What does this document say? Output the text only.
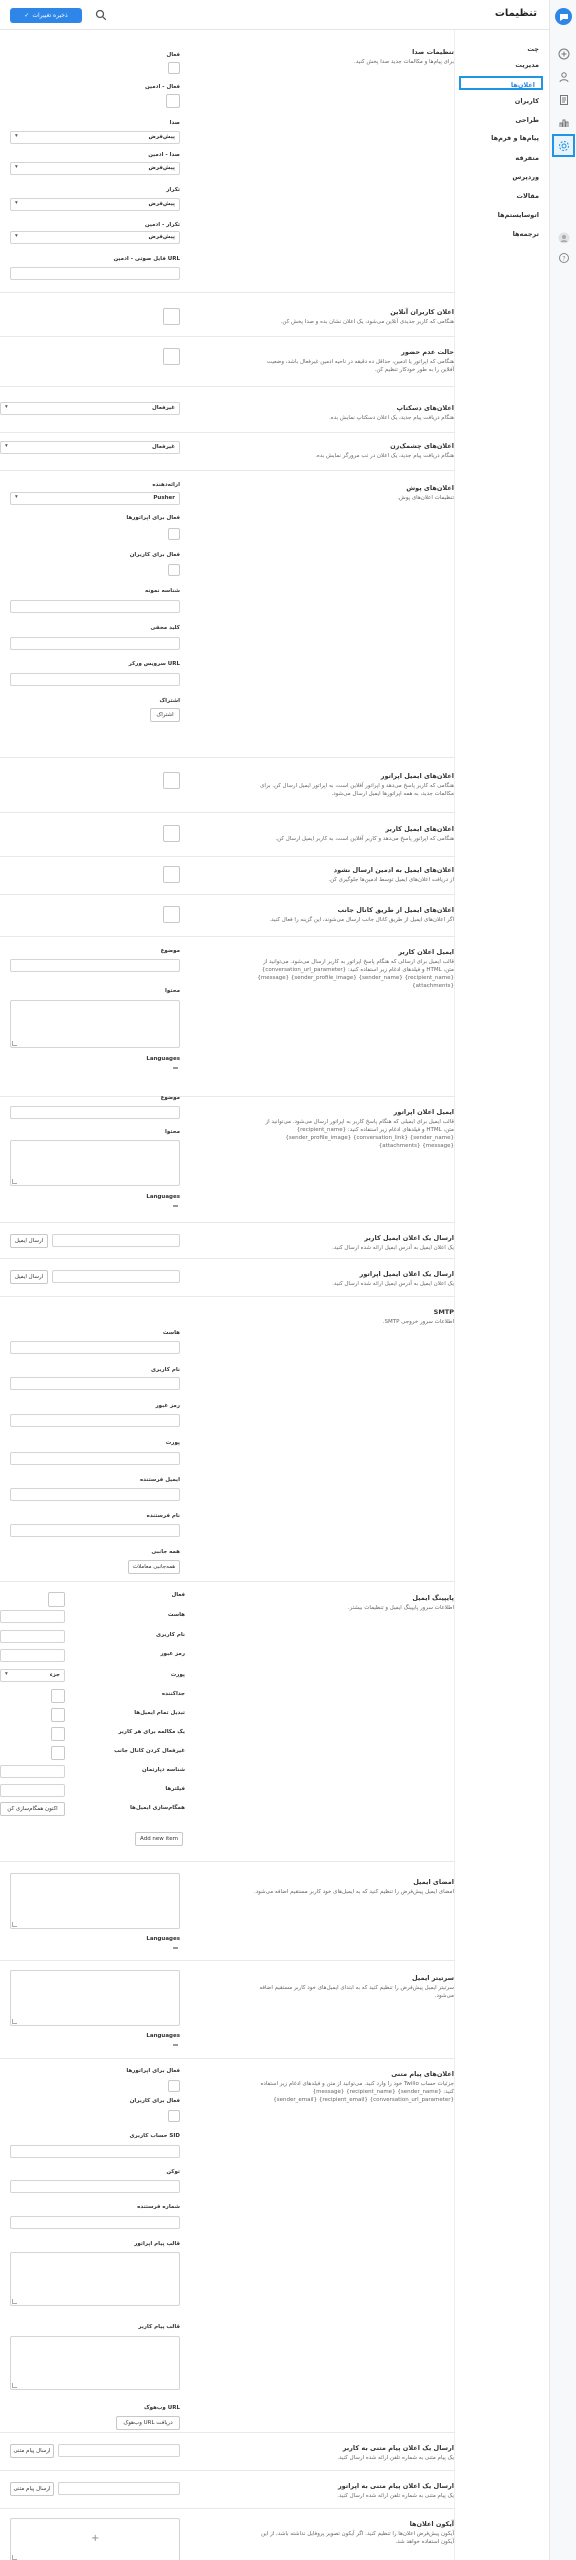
?
تنظیمات
ذخیره تغییرات
✓
چت
مدیریت
اعلان‌ها
کاربران
طراحی
پیام‌ها و فرم‌ها
متفرقه
وردپرس
مقالات
اتوسایستم‌ها
ترجمه‌ها
تنظیمات صدا
برای پیام‌ها و مکالمات جدید صدا پخش کنید.
فعال
فعال - ادمین
صدا
پیش‌فرض ▾
صدا - ادمین
پیش‌فرض ▾
تکرار
پیش‌فرض ▾
تکرار - ادمین
پیش‌فرض ▾
URL فایل صوتی - ادمین
اعلان کاربران آنلاین
هنگامی که کاربر جدیدی آنلاین می‌شود، یک اعلان نشان بده و صدا پخش کن.
حالت عدم حضور
هنگامی که اپراتور یا ادمین، حداقل ده دقیقه در ناحیه ادمین غیرفعال باشد، وضعیت آفلاین را به طور خودکار تنظیم کن.
اعلان‌های دسکتاپ
هنگام دریافت پیام جدید، یک اعلان دسکتاپ نمایش بده.
غیرفعال ▾
اعلان‌های چشمک‌زن
هنگام دریافت پیام جدید، یک اعلان در تب مرورگر نمایش بده.
غیرفعال ▾
اعلان‌های پوش
تنظیمات اعلان‌های پوش.
ارائه‌دهنده
Pusher ▾
فعال برای اپراتورها
فعال برای کاربران
شناسه نمونه
کلید مخفی
URL سرویس ورکر
اشتراک
اشتراک
اعلان‌های ایمیل اپراتور
هنگامی که کاربر پاسخ می‌دهد و اپراتور آفلاین است، به اپراتور ایمیل ارسال کن. برای مکالمات جدید، به همه اپراتورها ایمیل ارسال می‌شود.
اعلان‌های ایمیل کاربر
هنگامی که اپراتور پاسخ می‌دهد و کاربر آفلاین است، به کاربر ایمیل ارسال کن.
اعلان‌های ایمیل به ادمین ارسال نشود
از دریافت اعلان‌های ایمیل توسط ادمین‌ها جلوگیری کن.
اعلان‌های ایمیل از طریق کانال جانب
اگر اعلان‌های ایمیل از طریق کانال جانب ارسال می‌شوند، این گزینه را فعال کنید.
ایمیل اعلان کاربر
قالب ایمیل برای ارسالی که هنگام پاسخ اپراتور به کاربر ارسال می‌شود. می‌توانید از متن، HTML و فیلدهای ادغام زیر استفاده کنید: {conversation_url_parameter} {recipient_name} {sender_name} {sender_profile_image} {message} {attachments}
موضوع
محتوا
Languages
ایمیل اعلان اپراتور
قالب ایمیل برای ایمیلی که هنگام پاسخ کاربر به اپراتور ارسال می‌شود. می‌توانید از متن، HTML و فیلدهای ادغام زیر استفاده کنید: {recipient_name} {sender_name} {conversation_link} {sender_profile_image} {message} {attachments}
موضوع
محتوا
Languages
ارسال یک اعلان ایمیل کاربر
یک اعلان ایمیل به آدرس ایمیل ارائه شده ارسال کنید.
ارسال ایمیل
ارسال یک اعلان ایمیل اپراتور
یک اعلان ایمیل به آدرس ایمیل ارائه شده ارسال کنید.
ارسال ایمیل
SMTP
اطلاعات سرور خروجی SMTP.
هاست
نام کاربری
رمز عبور
پورت
ایمیل فرستنده
نام فرستنده
همه‌ جانبی
همه‌جانبی معاملات
پایپینگ ایمیل
اطلاعات سرور پایپینگ ایمیل و تنظیمات بیشتر.
فعال
هاست
نام کاربری
رمز عبور
پورت
جزء ▾
جداکننده
تبدیل تمام ایمیل‌ها
یک مکالمه برای هر کاربر
غیرفعال کردن کانال جانب
شناسه دپارتمان
فیلترها
همگام‌سازی ایمیل‌ها
اکنون همگام‌سازی کن
Add new item
امضای ایمیل
امضای ایمیل پیش‌فرض را تنظیم کنید که به ایمیل‌های خود کاربر مستقیم اضافه می‌شود.
Languages
سرتیتر ایمیل
سرتیتر ایمیل پیش‌فرض را تنظیم کنید که به ابتدای ایمیل‌های خود کاربر مستقیم اضافه می‌شود.
Languages
اعلان‌های پیام متنی
جزئیات حساب Twilio خود را وارد کنید. می‌توانید از متن و فیلدهای ادغام زیر استفاده کنید: {sender_name} {recipient_name} {message} {conversation_url_parameter} {recipient_email} {sender_email}
فعال برای اپراتورها
فعال برای کاربران
SID حساب کاربری
توکن
شماره فرستنده
قالب پیام اپراتور
قالب پیام کاربر
URL وب‌هوک
دریافت URL وب‌هوک
ارسال یک اعلان پیام متنی به کاربر
یک پیام متنی به شماره تلفن ارائه شده ارسال کنید.
ارسال پیام متنی
ارسال یک اعلان پیام متنی به اپراتور
یک پیام متنی به شماره تلفن ارائه شده ارسال کنید.
ارسال پیام متنی
آیکون اعلان‌ها
آیکون پیش‌فرض اعلان‌ها را تنظیم کنید. اگر آیکون تصویر پروفایل نداشته باشد، از این آیکون استفاده خواهد شد.
+
